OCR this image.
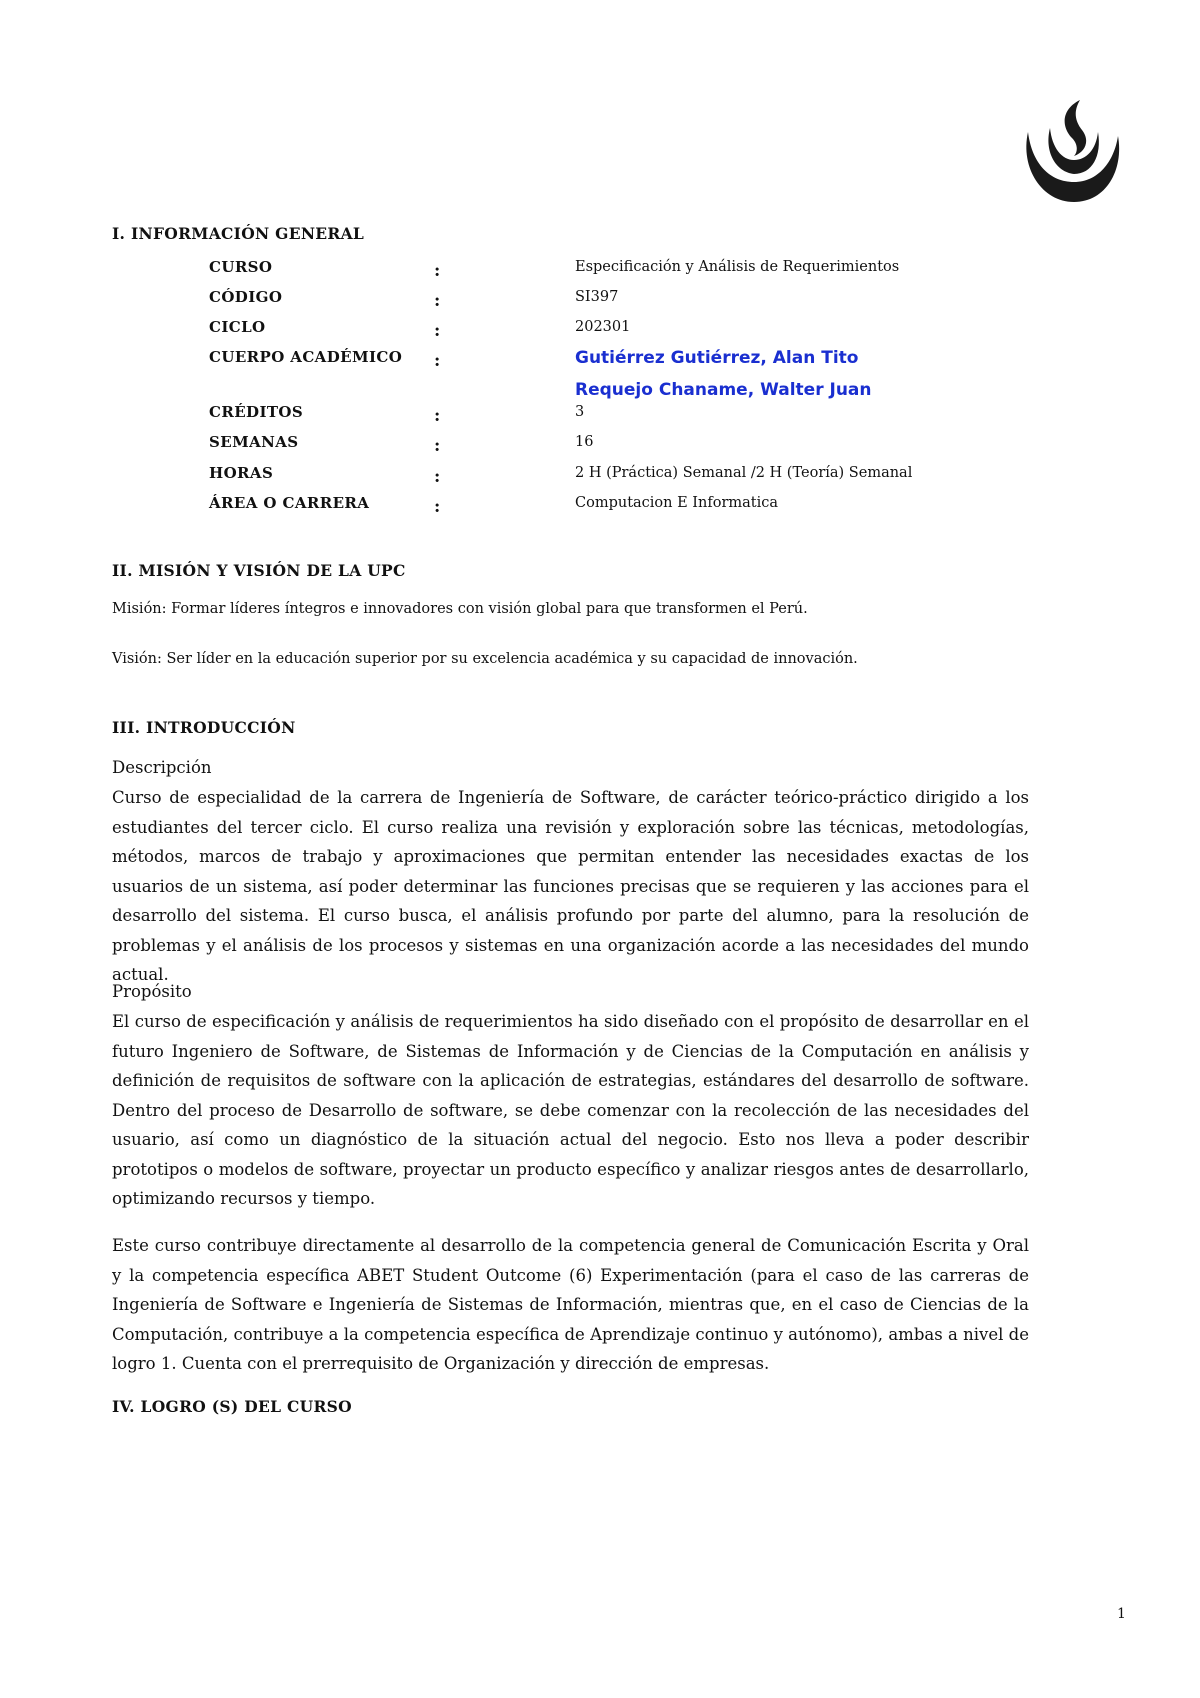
I. INFORMACIÓN GENERAL
CURSO	:	Especificación y Análisis de Requerimientos
CÓDIGO	:	SI397
CICLO	:	202301
CUERPO ACADÉMICO :	Gutiérrez Gutiérrez, Alan Tito
Requejo Chaname, Walter Juan
CRÉDITOS	:	3
SEMANAS	:	16
HORAS	:	2 H (Práctica) Semanal /2 H (Teoría) Semanal
ÁREA O CARRERA	:	Computacion E Informatica
II. MISIÓN Y VISIÓN DE LA UPC
Misión: Formar líderes íntegros e innovadores con visión global para que transformen el Perú.
Visión: Ser líder en la educación superior por su excelencia académica y su capacidad de innovación.
III. INTRODUCCIÓN
Descripción

Curso de especialidad de la carrera de Ingeniería de Software, de carácter teórico-práctico dirigido a los estudiantes del tercer ciclo. El curso realiza una revisión y exploración sobre las técnicas, metodologías, métodos, marcos de trabajo y aproximaciones que permitan entender las necesidades exactas de los usuarios de un sistema, así poder determinar las funciones precisas que se requieren y las acciones para el desarrollo del sistema. El curso busca, el análisis profundo por parte del alumno, para la resolución de problemas y el análisis de los procesos y sistemas en una organización acorde a las necesidades del mundo actual.

Propósito

El curso de especificación y análisis de requerimientos ha sido diseñado con el propósito de desarrollar en el futuro Ingeniero de Software, de Sistemas de Información y de Ciencias de la Computación en análisis y definición de requisitos de software con la aplicación de estrategias, estándares del desarrollo de software. Dentro del proceso de Desarrollo de software, se debe comenzar con la recolección de las necesidades del usuario, así como un diagnóstico de la situación actual del negocio. Esto nos lleva a poder describir prototipos o modelos de software, proyectar un producto específico y analizar riesgos antes de desarrollarlo, optimizando recursos y tiempo.

Este curso contribuye directamente al desarrollo de la competencia general de Comunicación Escrita y Oral y la competencia específica ABET Student Outcome (6) Experimentación (para el caso de las carreras de Ingeniería de Software e Ingeniería de Sistemas de Información, mientras que, en el caso de Ciencias de la Computación, contribuye a la competencia específica de Aprendizaje continuo y autónomo), ambas a nivel de logro 1. Cuenta con el prerrequisito de Organización y dirección de empresas.

IV. LOGRO (S) DEL CURSO
1
